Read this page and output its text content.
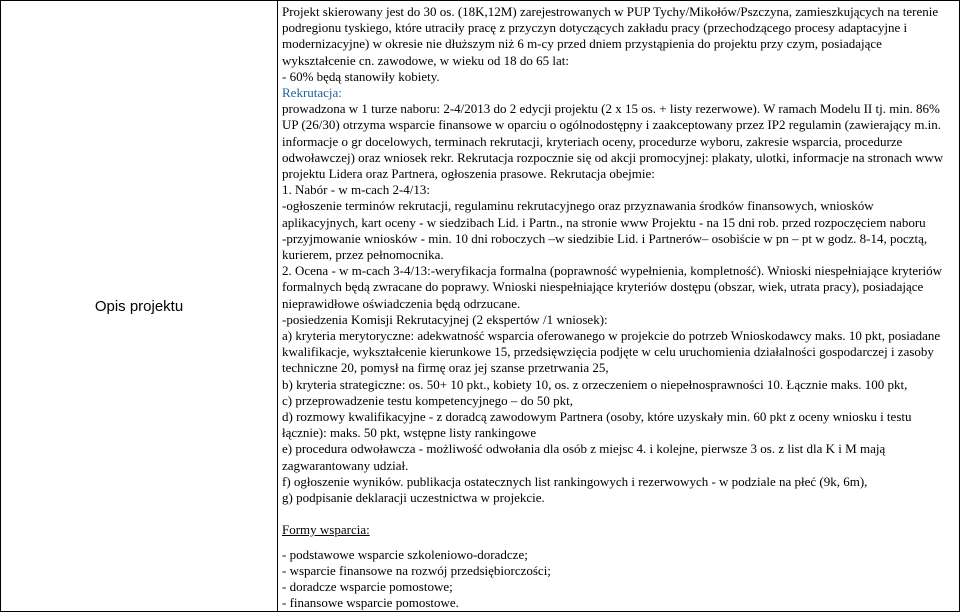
Opis projektu	

Projekt skierowany jest do 30 os. (18K,12M) zarejestrowanych w PUP Tychy/Mikołów/Pszczyna, zamieszkujących na terenie podregionu tyskiego, które utraciły pracę z przyczyn dotyczących zakładu pracy (przechodzącego procesy adaptacyjne i modernizacyjne) w okresie nie dłuższym niż 6 m-cy przed dniem przystąpienia do projektu przy czym, posiadające wykształcenie cn. zawodowe, w wieku od 18 do 65 lat:

- 60% będą stanowiły kobiety.

Rekrutacja:

prowadzona w 1 turze naboru: 2-4/2013 do 2 edycji projektu (2 x 15 os. + listy rezerwowe). W ramach Modelu II tj. min. 86% UP (26/30) otrzyma wsparcie finansowe w oparciu o ogólnodostępny i zaakceptowany przez IP2 regulamin (zawierający m.in. informacje o gr docelowych, terminach rekrutacji, kryteriach oceny, procedurze wyboru, zakresie wsparcia, procedurze odwoławczej) oraz wniosek rekr. Rekrutacja rozpocznie się od akcji promocyjnej: plakaty, ulotki, informacje na stronach www projektu Lidera oraz Partnera, ogłoszenia prasowe. Rekrutacja obejmie:

1. Nabór - w m-cach 2-4/13:

-ogłoszenie terminów rekrutacji, regulaminu rekrutacyjnego oraz przyznawania środków finansowych, wniosków aplikacyjnych, kart oceny - w siedzibach Lid. i Partn., na stronie www Projektu - na 15 dni rob. przed rozpoczęciem naboru

-przyjmowanie wniosków - min. 10 dni roboczych –w siedzibie Lid. i Partnerów– osobiście w pn – pt w godz. 8-14, pocztą, kurierem, przez pełnomocnika.

2. Ocena - w m-cach 3-4/13:-weryfikacja formalna (poprawność wypełnienia, kompletność). Wnioski niespełniające kryteriów formalnych będą zwracane do poprawy. Wnioski niespełniające kryteriów dostępu (obszar, wiek, utrata pracy), posiadające nieprawidłowe oświadczenia będą odrzucane.

-posiedzenia Komisji Rekrutacyjnej (2 ekspertów /1 wniosek):

a) kryteria merytoryczne: adekwatność wsparcia oferowanego w projekcie do potrzeb Wnioskodawcy maks. 10 pkt, posiadane kwalifikacje, wykształcenie kierunkowe 15, przedsięwzięcia podjęte w celu uruchomienia działalności gospodarczej i zasoby techniczne 20, pomysł na firmę oraz jej szanse przetrwania 25,

b) kryteria strategiczne: os. 50+ 10 pkt., kobiety 10, os. z orzeczeniem o niepełnosprawności 10. Łącznie maks. 100 pkt,

c) przeprowadzenie testu kompetencyjnego – do 50 pkt,

d) rozmowy kwalifikacyjne - z doradcą zawodowym Partnera (osoby, które uzyskały min. 60 pkt z oceny wniosku i testu łącznie): maks. 50 pkt, wstępne listy rankingowe

e) procedura odwoławcza - możliwość odwołania dla osób z miejsc 4. i kolejne, pierwsze 3 os. z list dla K i M mają zagwarantowany udział.

f) ogłoszenie wyników. publikacja ostatecznych list rankingowych i rezerwowych - w podziale na płeć (9k, 6m),

g) podpisanie deklaracji uczestnictwa w projekcie.

Formy wsparcia:

- podstawowe wsparcie szkoleniowo-doradcze;

- wsparcie finansowe na rozwój przedsiębiorczości;

- doradcze wsparcie pomostowe;

- finansowe wsparcie pomostowe.
